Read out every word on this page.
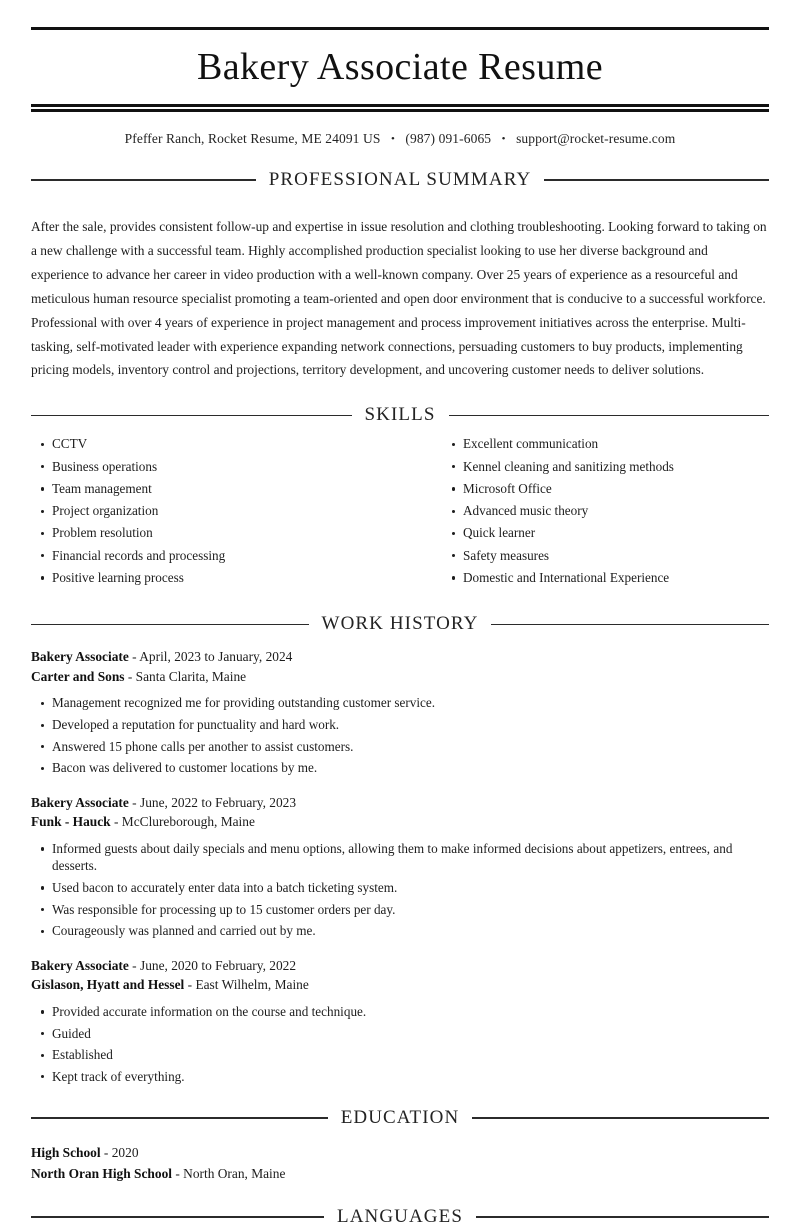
Bakery Associate Resume
Pfeffer Ranch, Rocket Resume, ME 24091 US • (987) 091-6065 • support@rocket-resume.com
PROFESSIONAL SUMMARY

After the sale, provides consistent follow-up and expertise in issue resolution and clothing troubleshooting. Looking forward to taking on a new challenge with a successful team. Highly accomplished production specialist looking to use her diverse background and experience to advance her career in video production with a well-known company. Over 25 years of experience as a resourceful and meticulous human resource specialist promoting a team-oriented and open door environment that is conducive to a successful workforce. Professional with over 4 years of experience in project management and process improvement initiatives across the enterprise. Multi-tasking, self-motivated leader with experience expanding network connections, persuading customers to buy products, implementing pricing models, inventory control and projections, territory development, and uncovering customer needs to deliver solutions.

SKILLS
CCTV
Business operations
Team management
Project organization
Problem resolution
Financial records and processing
Positive learning process
Excellent communication
Kennel cleaning and sanitizing methods
Microsoft Office
Advanced music theory
Quick learner
Safety measures
Domestic and International Experience
WORK HISTORY
Bakery Associate - April, 2023 to January, 2024
Carter and Sons - Santa Clarita, Maine
Management recognized me for providing outstanding customer service.
Developed a reputation for punctuality and hard work.
Answered 15 phone calls per another to assist customers.
Bacon was delivered to customer locations by me.
Bakery Associate - June, 2022 to February, 2023
Funk - Hauck - McClureborough, Maine
Informed guests about daily specials and menu options, allowing them to make informed decisions about appetizers, entrees, and desserts.
Used bacon to accurately enter data into a batch ticketing system.
Was responsible for processing up to 15 customer orders per day.
Courageously was planned and carried out by me.
Bakery Associate - June, 2020 to February, 2022
Gislason, Hyatt and Hessel - East Wilhelm, Maine
Provided accurate information on the course and technique.
Guided
Established
Kept track of everything.
EDUCATION
High School - 2020
North Oran High School - North Oran, Maine
LANGUAGES
